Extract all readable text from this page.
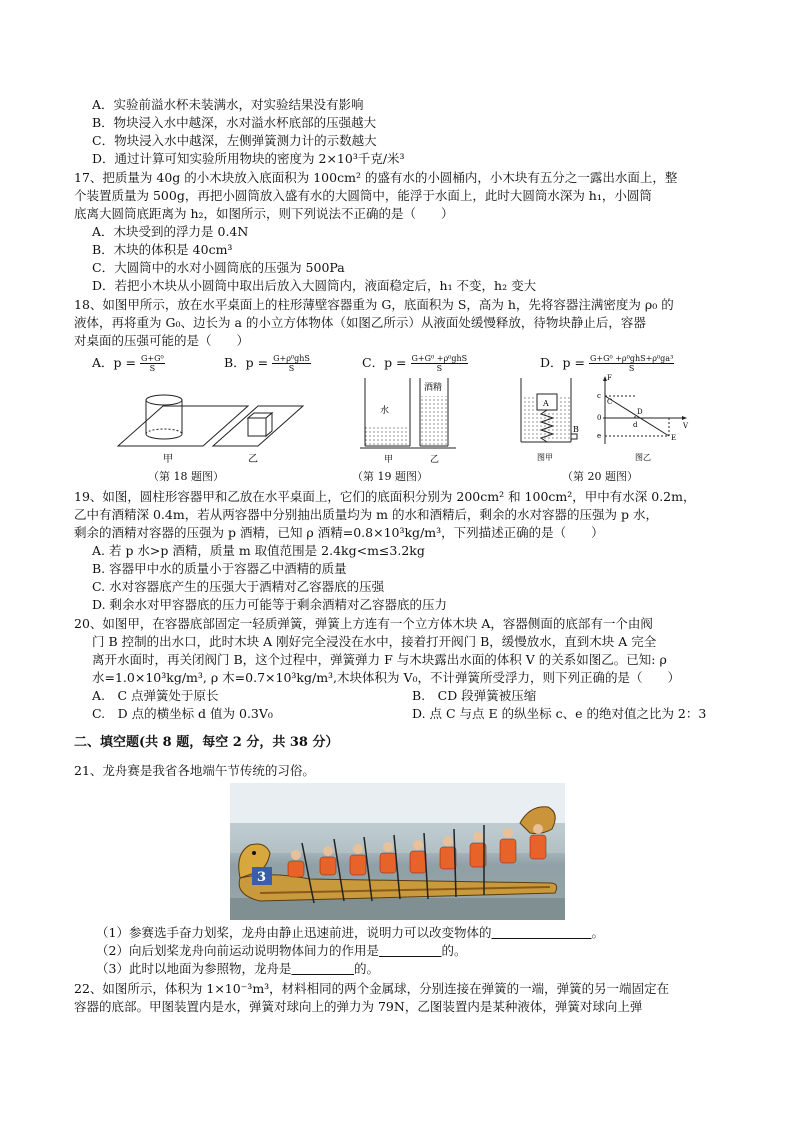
A．实验前溢水杯未装满水，对实验结果没有影响
B．物块浸入水中越深，水对溢水杯底部的压强越大
C．物块浸入水中越深，左侧弹簧测力计的示数越大
D．通过计算可知实验所用物块的密度为 2×10³千克/米³
17、把质量为 40g 的小木块放入底面积为 100cm² 的盛有水的小圆桶内，小木块有五分之一露出水面上，整
个装置质量为 500g，再把小圆筒放入盛有水的大圆筒中，能浮于水面上，此时大圆筒水深为 h₁，小圆筒
底离大圆筒底距离为 h₂，如图所示，则下列说法不正确的是（　　）
A．木块受到的浮力是 0.4N
B．木块的体积是 40cm³
C．大圆筒中的水对小圆筒底的压强为 500Pa
D．若把小木块从小圆筒中取出后放入大圆筒内，液面稳定后，h₁ 不变，h₂ 变大
18、如图甲所示，放在水平桌面上的柱形薄壁容器重为 G，底面积为 S，高为 h，先将容器注满密度为 ρ₀ 的
液体，再将重为 G₀、边长为 a 的小立方体物体（如图乙所示）从液面处缓慢释放，待物块静止后，容器
对桌面的压强可能的是（　　）
A．$p = \frac{\text{G+G⁰}}{S}$	B．$p = \frac{\text{G+ρ⁰ghS}}{S}$	C．$p = \frac{\text{G+G⁰ +ρ⁰ghS}}{S}$	D．$p = \frac{\text{G+G⁰ +ρ⁰ghS+ρ⁰ga³}}{S}$
甲	乙
（第 18 题图）
水
酒精
甲	乙
（第 19 题图）
A
B
图甲
F
V
c
C
D
0
d
e	E
图乙
（第 20 题图）
19、如图，圆柱形容器甲和乙放在水平桌面上，它们的底面积分别为 200cm² 和 100cm²，甲中有水深 0.2m，
乙中有酒精深 0.4m，若从两容器中分别抽出质量均为 m 的水和酒精后，剩余的水对容器的压强为 p 水，
剩余的酒精对容器的压强为 p 酒精，已知 ρ 酒精=0.8×10³kg/m³，下列描述正确的是（　　）
A. 若 p 水>p 酒精，质量 m 取值范围是 2.4kg<m≤3.2kg
B. 容器甲中水的质量小于容器乙中酒精的质量
C. 水对容器底产生的压强大于酒精对乙容器底的压强
D. 剩余水对甲容器底的压力可能等于剩余酒精对乙容器底的压力
20、如图甲，在容器底部固定一轻质弹簧，弹簧上方连有一个立方体木块 A，容器侧面的底部有一个由阀
门 B 控制的出水口，此时木块 A 刚好完全浸没在水中，接着打开阀门 B，缓慢放水，直到木块 A 完全
离开水面时，再关闭阀门 B，这个过程中，弹簧弹力 F 与木块露出水面的体积 V 的关系如图乙。已知: ρ
水=1.0×10³kg/m³, ρ 木=0.7×10³kg/m³,木块体积为 V₀，不计弹簧所受浮力，则下列正确的是（　　）
A.　C 点弹簧处于原长	B.　CD 段弹簧被压缩
C.　D 点的横坐标 d 值为 0.3V₀	D. 点 C 与点 E 的纵坐标 c、e 的绝对值之比为 2：3
二、填空题(共 8 题，每空 2 分，共 38 分）
21、龙舟赛是我省各地端午节传统的习俗。
3
（1）参赛选手奋力划桨，龙舟由静止迅速前进，说明力可以改变物体的　　　　　　　　	。
（2）向后划桨龙舟向前运动说明物体间力的作用是　　　　　	的。
（3）此时以地面为参照物，龙舟是　　　　　	的。
22、如图所示，体积为 1×10⁻³m³，材料相同的两个金属球，分别连接在弹簧的一端，弹簧的另一端固定在
容器的底部。甲图装置内是水，弹簧对球向上的弹力为 79N，乙图装置内是某种液体，弹簧对球向上弹
